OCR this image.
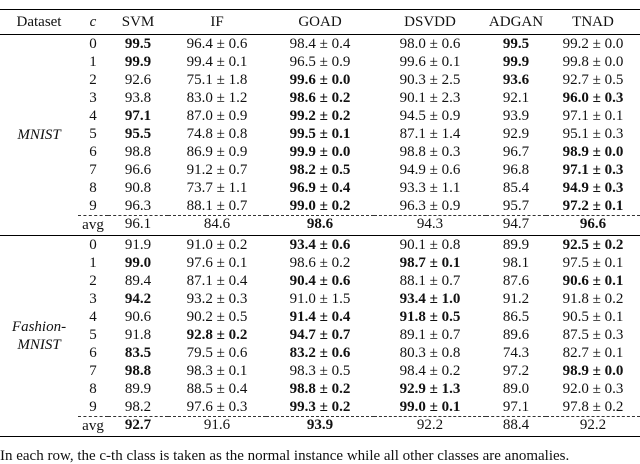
Dataset	c	SVM	IF	GOAD	DSVDD	ADGAN	TNAD

MNIST	0	99.5	96.4 ± 0.6	98.4 ± 0.4	98.0 ± 0.6	99.5	99.2 ± 0.0
	1	99.9	99.4 ± 0.1	96.5 ± 0.9	99.6 ± 0.1	99.9	99.8 ± 0.0
	2	92.6	75.1 ± 1.8	99.6 ± 0.0	90.3 ± 2.5	93.6	92.7 ± 0.5
	3	93.8	83.0 ± 1.2	98.6 ± 0.2	90.1 ± 2.3	92.1	96.0 ± 0.3
	4	97.1	87.0 ± 0.9	99.2 ± 0.2	94.5 ± 0.9	93.9	97.1 ± 0.1
	5	95.5	74.8 ± 0.8	99.5 ± 0.1	87.1 ± 1.4	92.9	95.1 ± 0.3
	6	98.8	86.9 ± 0.9	99.9 ± 0.0	98.8 ± 0.3	96.7	98.9 ± 0.0
	7	96.6	91.2 ± 0.7	98.2 ± 0.5	94.9 ± 0.6	96.8	97.1 ± 0.3
	8	90.8	73.7 ± 1.1	96.9 ± 0.4	93.3 ± 1.1	85.4	94.9 ± 0.3
	9	96.3	88.1 ± 0.7	99.0 ± 0.2	96.3 ± 0.9	95.7	97.2 ± 0.1
	avg	96.1	84.6	98.6	94.3	94.7	96.6

Fashion-
MNIST	0	91.9	91.0 ± 0.2	93.4 ± 0.6	90.1 ± 0.8	89.9	92.5 ± 0.2
	1	99.0	97.6 ± 0.1	98.6 ± 0.2	98.7 ± 0.1	98.1	97.5 ± 0.1
	2	89.4	87.1 ± 0.4	90.4 ± 0.6	88.1 ± 0.7	87.6	90.6 ± 0.1
	3	94.2	93.2 ± 0.3	91.0 ± 1.5	93.4 ± 1.0	91.2	91.8 ± 0.2
	4	90.6	90.2 ± 0.5	91.4 ± 0.4	91.8 ± 0.5	86.5	90.5 ± 0.1
	5	91.8	92.8 ± 0.2	94.7 ± 0.7	89.1 ± 0.7	89.6	87.5 ± 0.3
	6	83.5	79.5 ± 0.6	83.2 ± 0.6	80.3 ± 0.8	74.3	82.7 ± 0.1
	7	98.8	98.3 ± 0.1	98.3 ± 0.5	98.4 ± 0.2	97.2	98.9 ± 0.0
	8	89.9	88.5 ± 0.4	98.8 ± 0.2	92.9 ± 1.3	89.0	92.0 ± 0.3
	9	98.2	97.6 ± 0.3	99.3 ± 0.2	99.0 ± 0.1	97.1	97.8 ± 0.2
	avg	92.7	91.6	93.9	92.2	88.4	92.2
In each row, the c-th class is taken as the normal instance while all other classes are anomalies.
